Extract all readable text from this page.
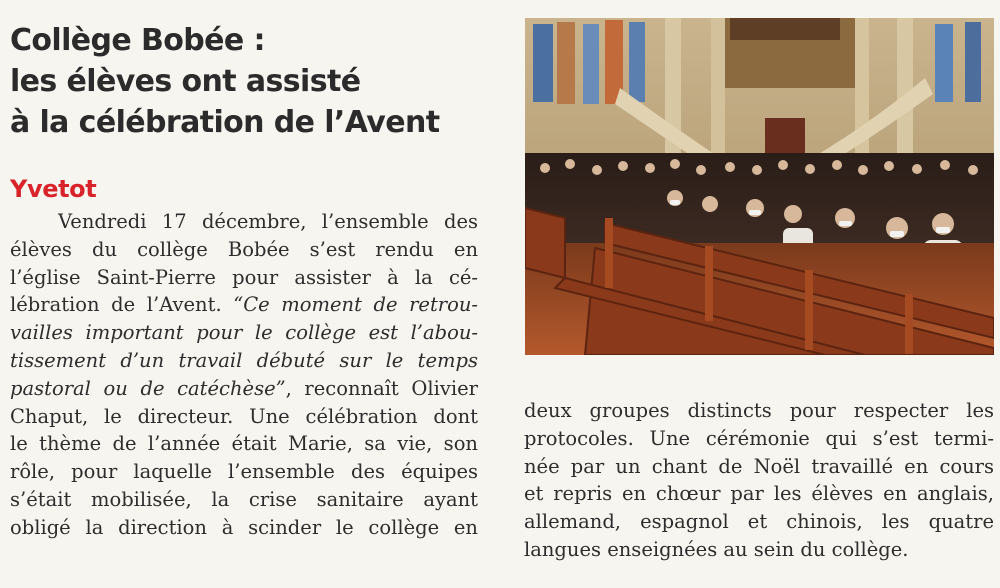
Collège Bobée :
les élèves ont assisté
à la célébration de l’Avent
Yvetot
Vendredi 17 décembre, l’ensemble des
élèves du collège Bobée s’est rendu en
l’église Saint-Pierre pour assister à la cé-
lébration de l’Avent. “Ce moment de retrou-
vailles important pour le collège est l’abou-
tissement d’un travail débuté sur le temps
pastoral ou de catéchèse”, reconnaît Olivier
Chaput, le directeur. Une célébration dont
le thème de l’année était Marie, sa vie, son
rôle, pour laquelle l’ensemble des équipes
s’était mobilisée, la crise sanitaire ayant
obligé la direction à scinder le collège en
deux groupes distincts pour respecter les
protocoles. Une cérémonie qui s’est termi-
née par un chant de Noël travaillé en cours
et repris en chœur par les élèves en anglais,
allemand, espagnol et chinois, les quatre
langues enseignées au sein du collège.
